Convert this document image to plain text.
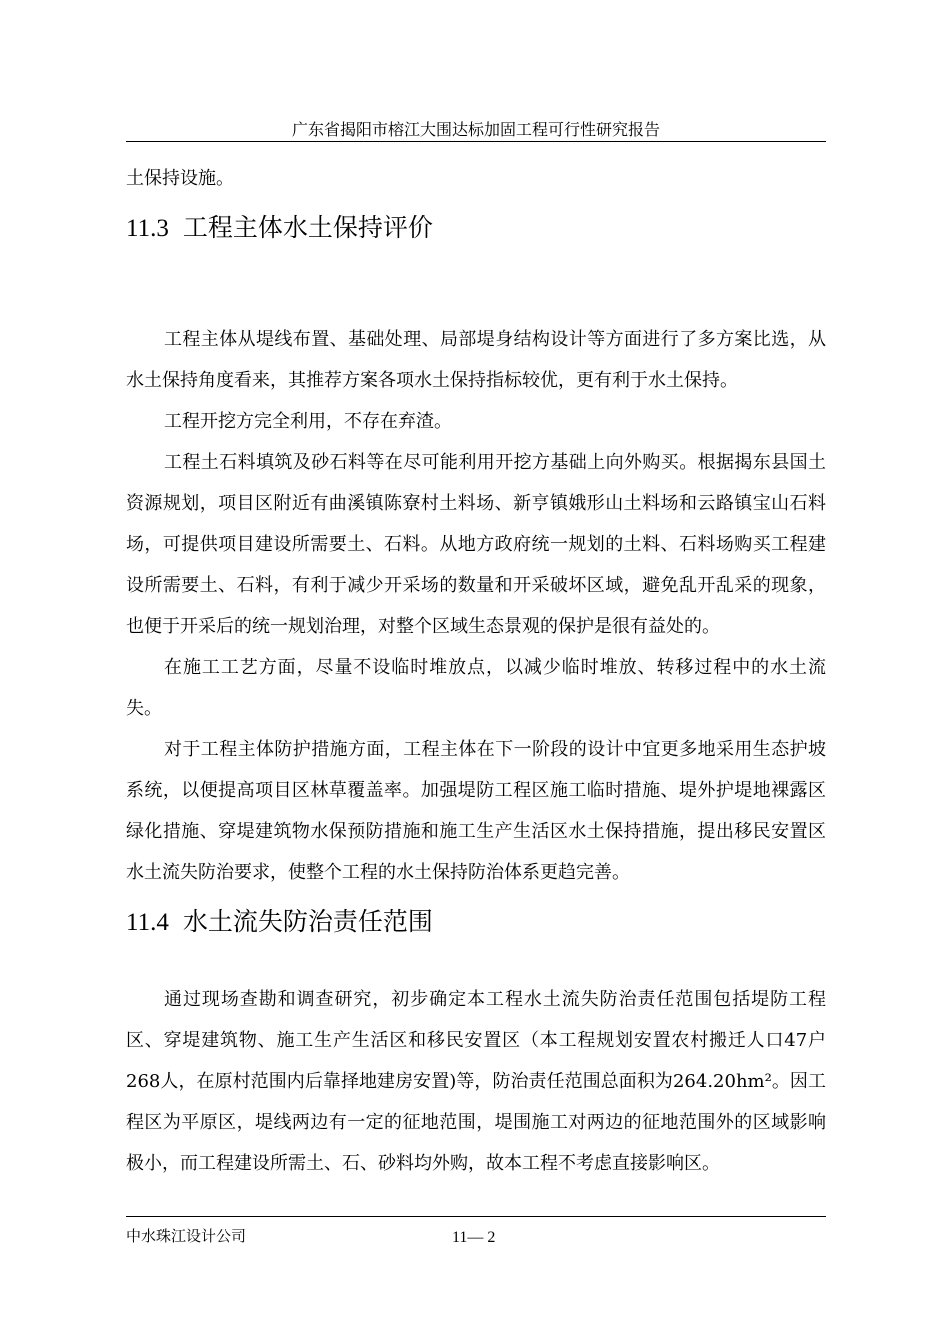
广东省揭阳市榕江大围达标加固工程可行性研究报告

土保持设施。

11.3 工程主体水土保持评价

工程主体从堤线布置、基础处理、局部堤身结构设计等方面进行了多方案比选，从水土保持角度看来，其推荐方案各项水土保持指标较优，更有利于水土保持。

工程开挖方完全利用，不存在弃渣。

工程土石料填筑及砂石料等在尽可能利用开挖方基础上向外购买。根据揭东县国土资源规划，项目区附近有曲溪镇陈寮村土料场、新亨镇娥形山土料场和云路镇宝山石料场，可提供项目建设所需要土、石料。从地方政府统一规划的土料、石料场购买工程建设所需要土、石料，有利于减少开采场的数量和开采破坏区域，避免乱开乱采的现象，也便于开采后的统一规划治理，对整个区域生态景观的保护是很有益处的。

在施工工艺方面，尽量不设临时堆放点，以减少临时堆放、转移过程中的水土流失。

对于工程主体防护措施方面，工程主体在下一阶段的设计中宜更多地采用生态护坡系统，以便提高项目区林草覆盖率。加强堤防工程区施工临时措施、堤外护堤地裸露区绿化措施、穿堤建筑物水保预防措施和施工生产生活区水土保持措施，提出移民安置区水土流失防治要求，使整个工程的水土保持防治体系更趋完善。

11.4 水土流失防治责任范围

通过现场查勘和调查研究，初步确定本工程水土流失防治责任范围包括堤防工程区、穿堤建筑物、施工生产生活区和移民安置区（本工程规划安置农村搬迁人口47户268人，在原村范围内后靠择地建房安置)等，防治责任范围总面积为264.20hm²。因工程区为平原区，堤线两边有一定的征地范围，堤围施工对两边的征地范围外的区域影响极小，而工程建设所需土、石、砂料均外购，故本工程不考虑直接影响区。

中水珠江设计公司	11— 2
